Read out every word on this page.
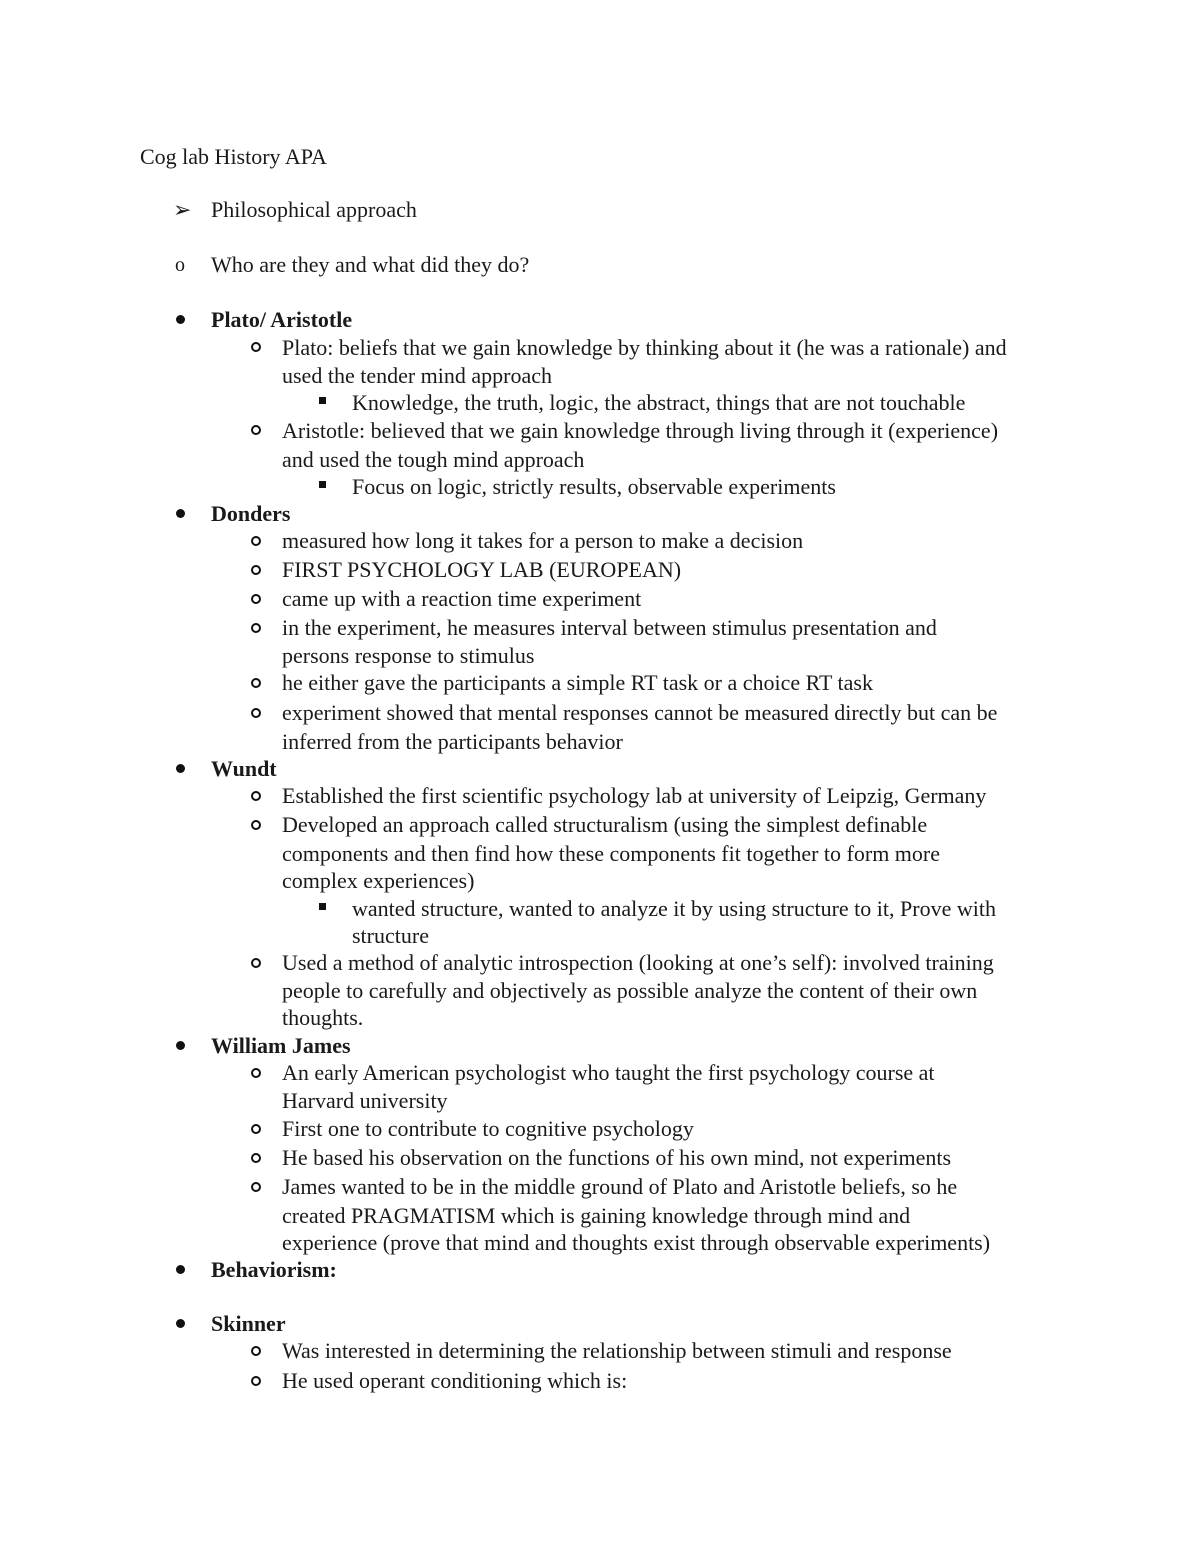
Cog lab History APA
➢ Philosophical approach
o Who are they and what did they do?
Plato/ Aristotle
Plato: beliefs that we gain knowledge by thinking about it (he was a rationale) and
used the tender mind approach
Knowledge, the truth, logic, the abstract, things that are not touchable
Aristotle: believed that we gain knowledge through living through it (experience)
and used the tough mind approach
Focus on logic, strictly results, observable experiments
Donders
measured how long it takes for a person to make a decision
FIRST PSYCHOLOGY LAB (EUROPEAN)
came up with a reaction time experiment
in the experiment, he measures interval between stimulus presentation and
persons response to stimulus
he either gave the participants a simple RT task or a choice RT task
experiment showed that mental responses cannot be measured directly but can be
inferred from the participants behavior
Wundt
Established the first scientific psychology lab at university of Leipzig, Germany
Developed an approach called structuralism (using the simplest definable
components and then find how these components fit together to form more
complex experiences)
wanted structure, wanted to analyze it by using structure to it, Prove with
structure
Used a method of analytic introspection (looking at one’s self): involved training
people to carefully and objectively as possible analyze the content of their own
thoughts.
William James
An early American psychologist who taught the first psychology course at
Harvard university
First one to contribute to cognitive psychology
He based his observation on the functions of his own mind, not experiments
James wanted to be in the middle ground of Plato and Aristotle beliefs, so he
created PRAGMATISM which is gaining knowledge through mind and
experience (prove that mind and thoughts exist through observable experiments)
Behaviorism:
Skinner
Was interested in determining the relationship between stimuli and response
He used operant conditioning which is:
